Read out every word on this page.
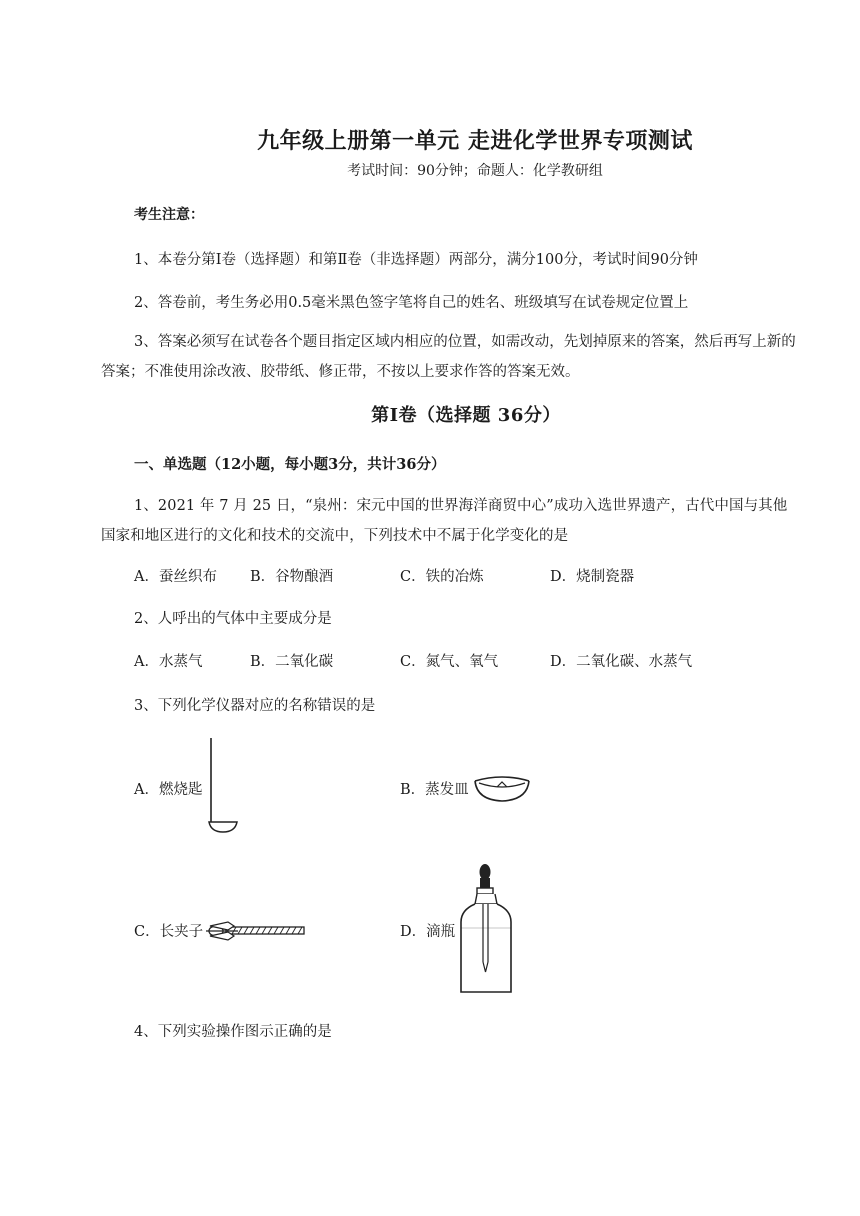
九年级上册第一单元 走进化学世界专项测试
考试时间：90分钟；命题人：化学教研组
考生注意：
1、本卷分第Ⅰ卷（选择题）和第Ⅱ卷（非选择题）两部分，满分100分，考试时间90分钟
2、答卷前，考生务必用0.5毫米黑色签字笔将自己的姓名、班级填写在试卷规定位置上
3、答案必须写在试卷各个题目指定区域内相应的位置，如需改动，先划掉原来的答案，然后再写上新的答案；不准使用涂改液、胶带纸、修正带，不按以上要求作答的答案无效。
第Ⅰ卷（选择题 36分）
一、单选题（12小题，每小题3分，共计36分）
1、2021 年 7 月 25 日，“泉州：宋元中国的世界海洋商贸中心”成功入选世界遗产，古代中国与其他国家和地区进行的文化和技术的交流中，下列技术中不属于化学变化的是
A．蚕丝织布 B．谷物酿酒	C．铁的冶炼	D．烧制瓷器
2、人呼出的气体中主要成分是
A．水蒸气	B．二氧化碳	C．氮气、氧气	D．二氧化碳、水蒸气
3、下列化学仪器对应的名称错误的是
A．燃烧匙	B．蒸发皿
C．长夹子	D．滴瓶
4、下列实验操作图示正确的是
